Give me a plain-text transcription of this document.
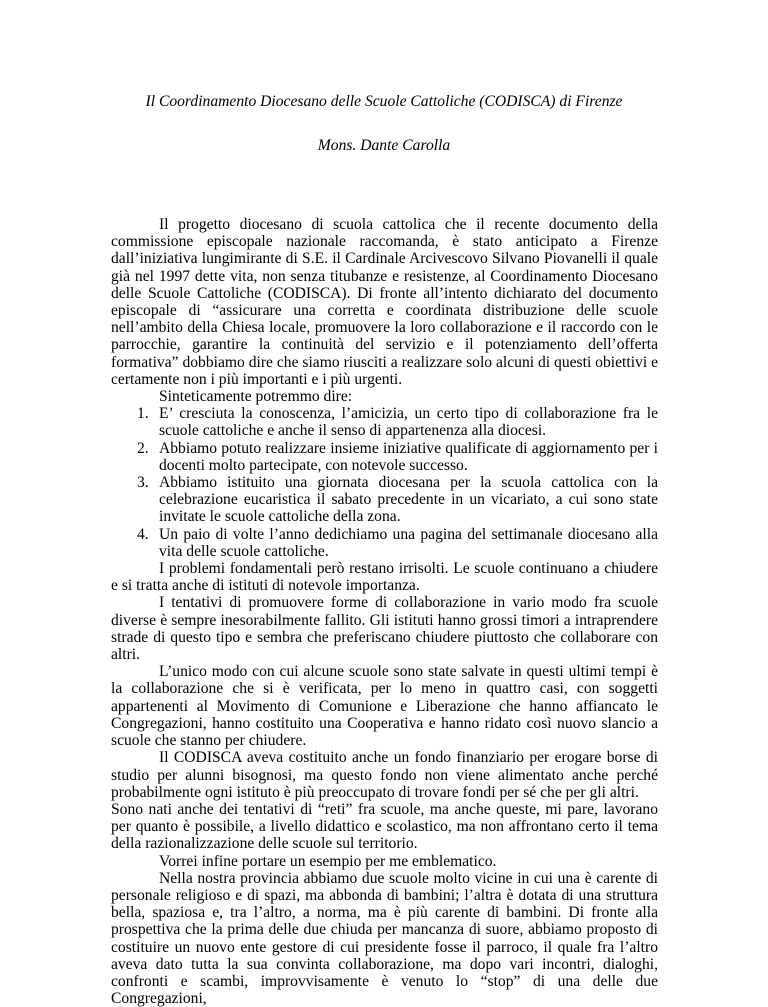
Il Coordinamento Diocesano delle Scuole Cattoliche (CODISCA) di Firenze
Mons. Dante Carolla

Il progetto diocesano di scuola cattolica che il recente documento della commissione episcopale nazionale raccomanda, è stato anticipato a Firenze dall’iniziativa lungimirante di S.E. il Cardinale Arcivescovo Silvano Piovanelli il quale già nel 1997 dette vita, non senza titubanze e resistenze, al Coordinamento Diocesano delle Scuole Cattoliche (CODISCA). Di fronte all’intento dichiarato del documento episcopale di “assicurare una corretta e coordinata distribuzione delle scuole nell’ambito della Chiesa locale, promuovere la loro collaborazione e il raccordo con le parrocchie, garantire la continuità del servizio e il potenziamento dell’offerta formativa” dobbiamo dire che siamo riusciti a realizzare solo alcuni di questi obiettivi e certamente non i più importanti e i più urgenti.

Sinteticamente potremmo dire:

1. E’ cresciuta la conoscenza, l’amicizia, un certo tipo di collaborazione fra le scuole cattoliche e anche il senso di appartenenza alla diocesi.
2. Abbiamo potuto realizzare insieme iniziative qualificate di aggiornamento per i docenti molto partecipate, con notevole successo.
3. Abbiamo istituito una giornata diocesana per la scuola cattolica con la celebrazione eucaristica il sabato precedente in un vicariato, a cui sono state invitate le scuole cattoliche della zona.
4. Un paio di volte l’anno dedichiamo una pagina del settimanale diocesano alla vita delle scuole cattoliche.

I problemi fondamentali però restano irrisolti. Le scuole continuano a chiudere e si tratta anche di istituti di notevole importanza.

I tentativi di promuovere forme di collaborazione in vario modo fra scuole diverse è sempre inesorabilmente fallito. Gli istituti hanno grossi timori a intraprendere strade di questo tipo e sembra che preferiscano chiudere piuttosto che collaborare con altri.

L’unico modo con cui alcune scuole sono state salvate in questi ultimi tempi è la collaborazione che si è verificata, per lo meno in quattro casi, con soggetti appartenenti al Movimento di Comunione e Liberazione che hanno affiancato le Congregazioni, hanno costituito una Cooperativa e hanno ridato così nuovo slancio a scuole che stanno per chiudere.

Il CODISCA aveva costituito anche un fondo finanziario per erogare borse di studio per alunni bisognosi, ma questo fondo non viene alimentato anche perché probabilmente ogni istituto è più preoccupato di trovare fondi per sé che per gli altri.

Sono nati anche dei tentativi di “reti” fra scuole, ma anche queste, mi pare, lavorano per quanto è possibile, a livello didattico e scolastico, ma non affrontano certo il tema della razionalizzazione delle scuole sul territorio.

Vorrei infine portare un esempio per me emblematico.

Nella nostra provincia abbiamo due scuole molto vicine in cui una è carente di personale religioso e di spazi, ma abbonda di bambini; l’altra è dotata di una struttura bella, spaziosa e, tra l’altro, a norma, ma è più carente di bambini. Di fronte alla prospettiva che la prima delle due chiuda per mancanza di suore, abbiamo proposto di costituire un nuovo ente gestore di cui presidente fosse il parroco, il quale fra l’altro aveva dato tutta la sua convinta collaborazione, ma dopo vari incontri, dialoghi, confronti e scambi, improvvisamente è venuto lo “stop” di una delle due Congregazioni,
